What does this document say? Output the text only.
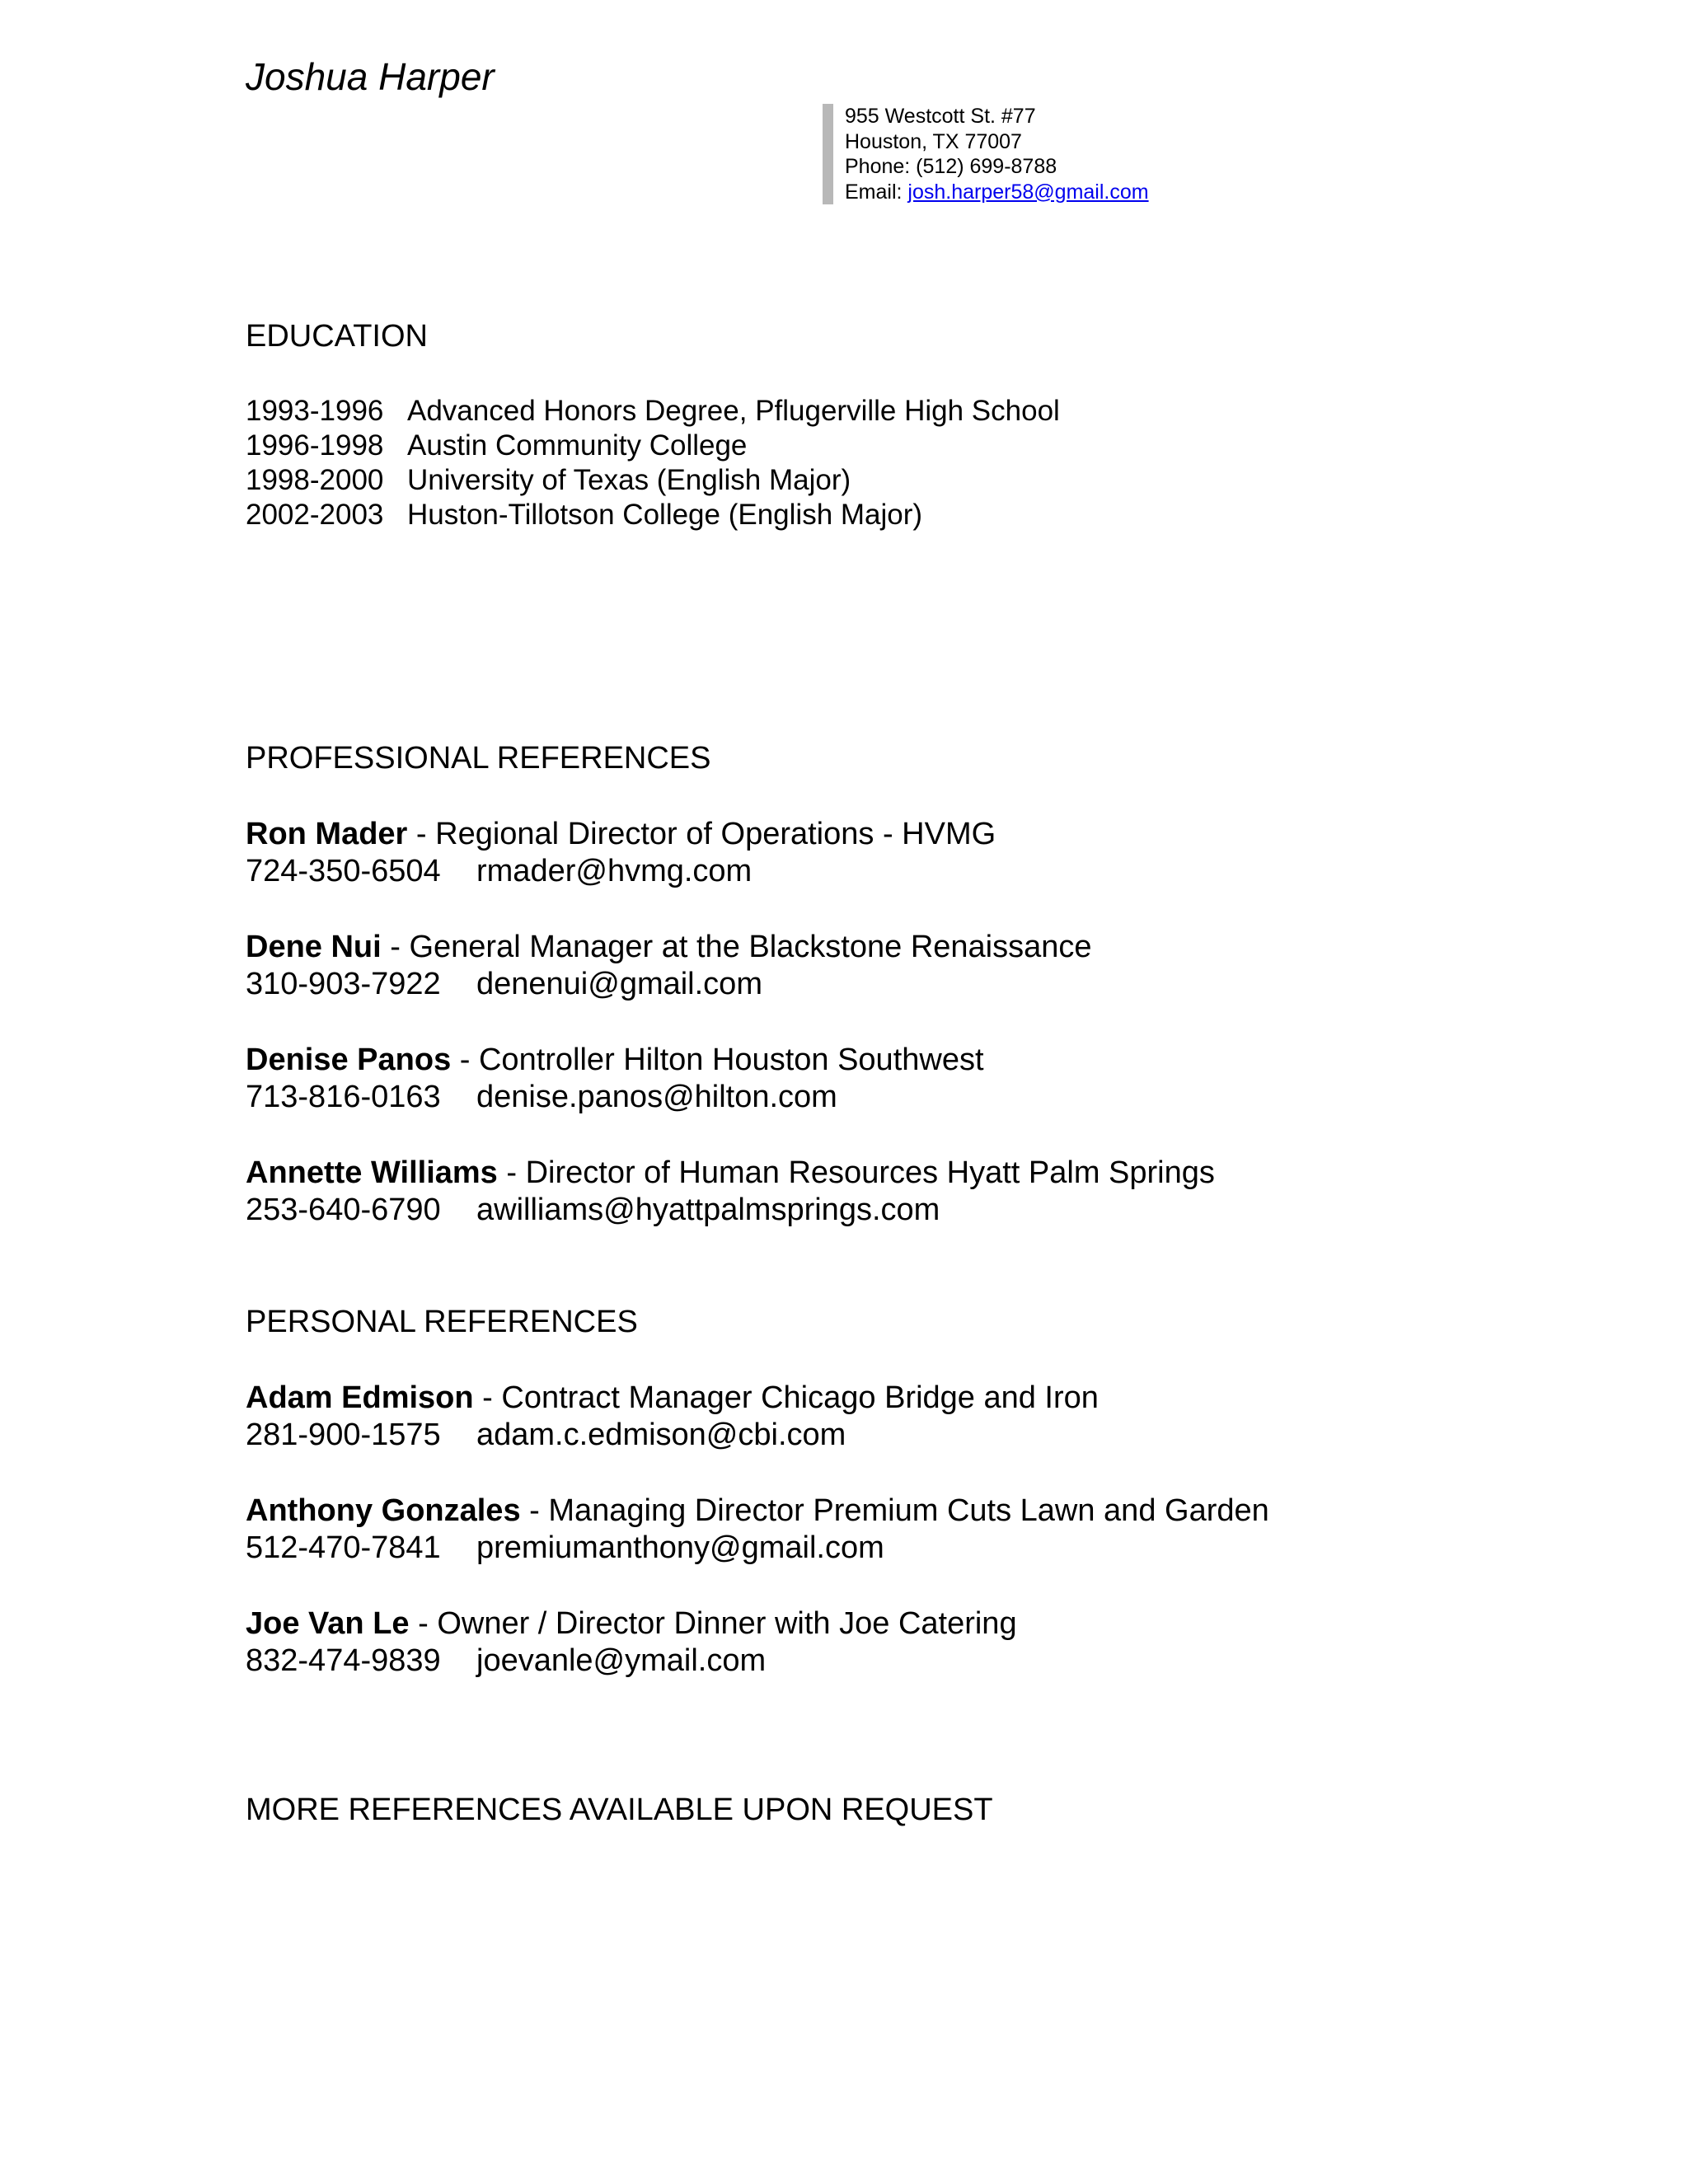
Joshua Harper
955 Westcott St. #77
Houston, TX 77007
Phone: (512) 699-8788
Email: josh.harper58@gmail.com
EDUCATION
1993-1996 Advanced Honors Degree, Pflugerville High School
1996-1998 Austin Community College
1998-2000 University of Texas (English Major)
2002-2003 Huston-Tillotson College (English Major)
PROFESSIONAL REFERENCES
Ron Mader - Regional Director of Operations - HVMG
724-350-6504 rmader@hvmg.com
Dene Nui - General Manager at the Blackstone Renaissance
310-903-7922 denenui@gmail.com
Denise Panos - Controller Hilton Houston Southwest
713-816-0163 denise.panos@hilton.com
Annette Williams - Director of Human Resources Hyatt Palm Springs
253-640-6790 awilliams@hyattpalmsprings.com
PERSONAL REFERENCES
Adam Edmison - Contract Manager Chicago Bridge and Iron
281-900-1575 adam.c.edmison@cbi.com
Anthony Gonzales - Managing Director Premium Cuts Lawn and Garden
512-470-7841 premiumanthony@gmail.com
Joe Van Le - Owner / Director Dinner with Joe Catering
832-474-9839 joevanle@ymail.com
MORE REFERENCES AVAILABLE UPON REQUEST
